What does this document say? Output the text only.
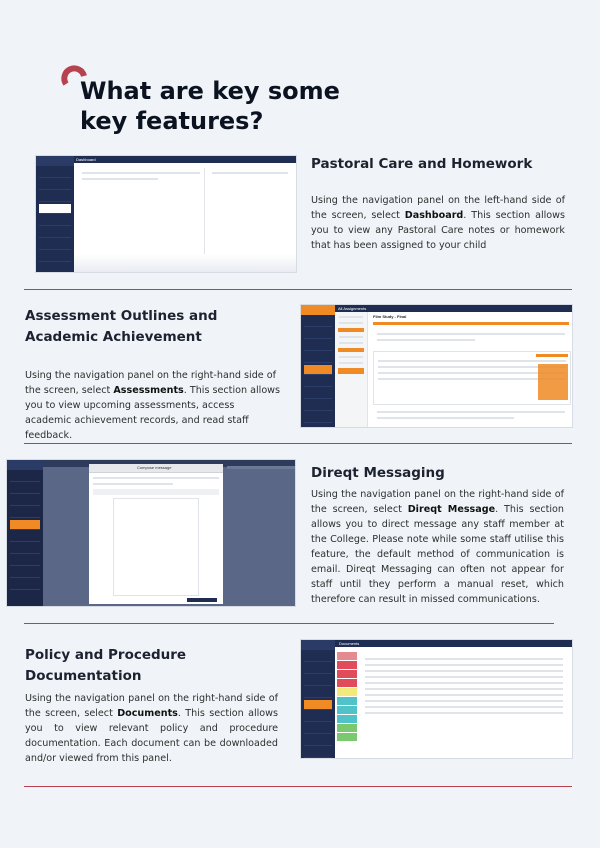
What are key some
key features?
Dashboard	Pastoral Care and Homework

Using the navigation panel on the left-hand side of the screen, select Dashboard. This section allows you to view any Pastoral Care notes or homework that has been assigned to your child

Assessment Outlines and
Academic Achievement

Using the navigation panel on the right-hand side of the screen, select Assessments. This section allows you to view upcoming assessments, access academic achievement records, and read staff feedback.

All Assignments
Film Study - Final
Compose message	Direqt Messaging

Using the navigation panel on the right-hand side of the screen, select Direqt Message. This section allows you to direct message any staff member at the College. Please note while some staff utilise this feature, the default method of communication is email. Direqt Messaging can often not appear for staff until they perform a manual reset, which therefore can result in missed communications.

Policy and Procedure
Documentation

Using the navigation panel on the right-hand side of the screen, select Documents. This section allows you to view relevant policy and procedure documentation. Each document can be downloaded and/or viewed from this panel.

Documents
